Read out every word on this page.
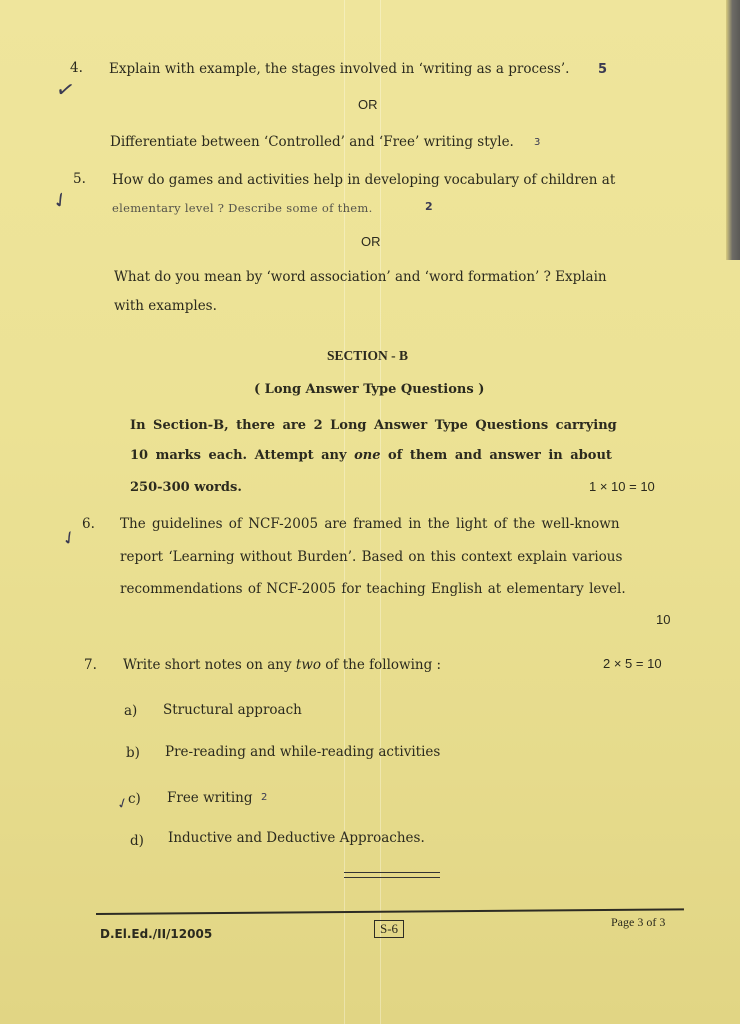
4. Explain with example, the stages involved in ‘writing as a process’. 5
✓	OR
Differentiate between ‘Controlled’ and ‘Free’ writing style. 3
5.
✓
How do games and activities help in developing vocabulary of children at
elementary level ? Describe some of them.	2
OR
What do you mean by ‘word association’ and ‘word formation’ ? Explain
with examples.
SECTION - B
( Long Answer Type Questions )
In Section-B, there are 2 Long Answer Type Questions carrying
10 marks each. Attempt any one of them and answer in about
250-300 words.	1 × 10 = 10
6.
✓
The guidelines of NCF-2005 are framed in the light of the well-known
report ‘Learning without Burden’. Based on this context explain various
recommendations of NCF-2005 for teaching English at elementary level.
10
7. Write short notes on any two of the following :	2 × 5 = 10
a) Structural approach
b) Pre-reading and while-reading activities
c)
✓	Free writing 2
d) Inductive and Deductive Approaches.
D.El.Ed./II/12005	S-6	Page 3 of 3
